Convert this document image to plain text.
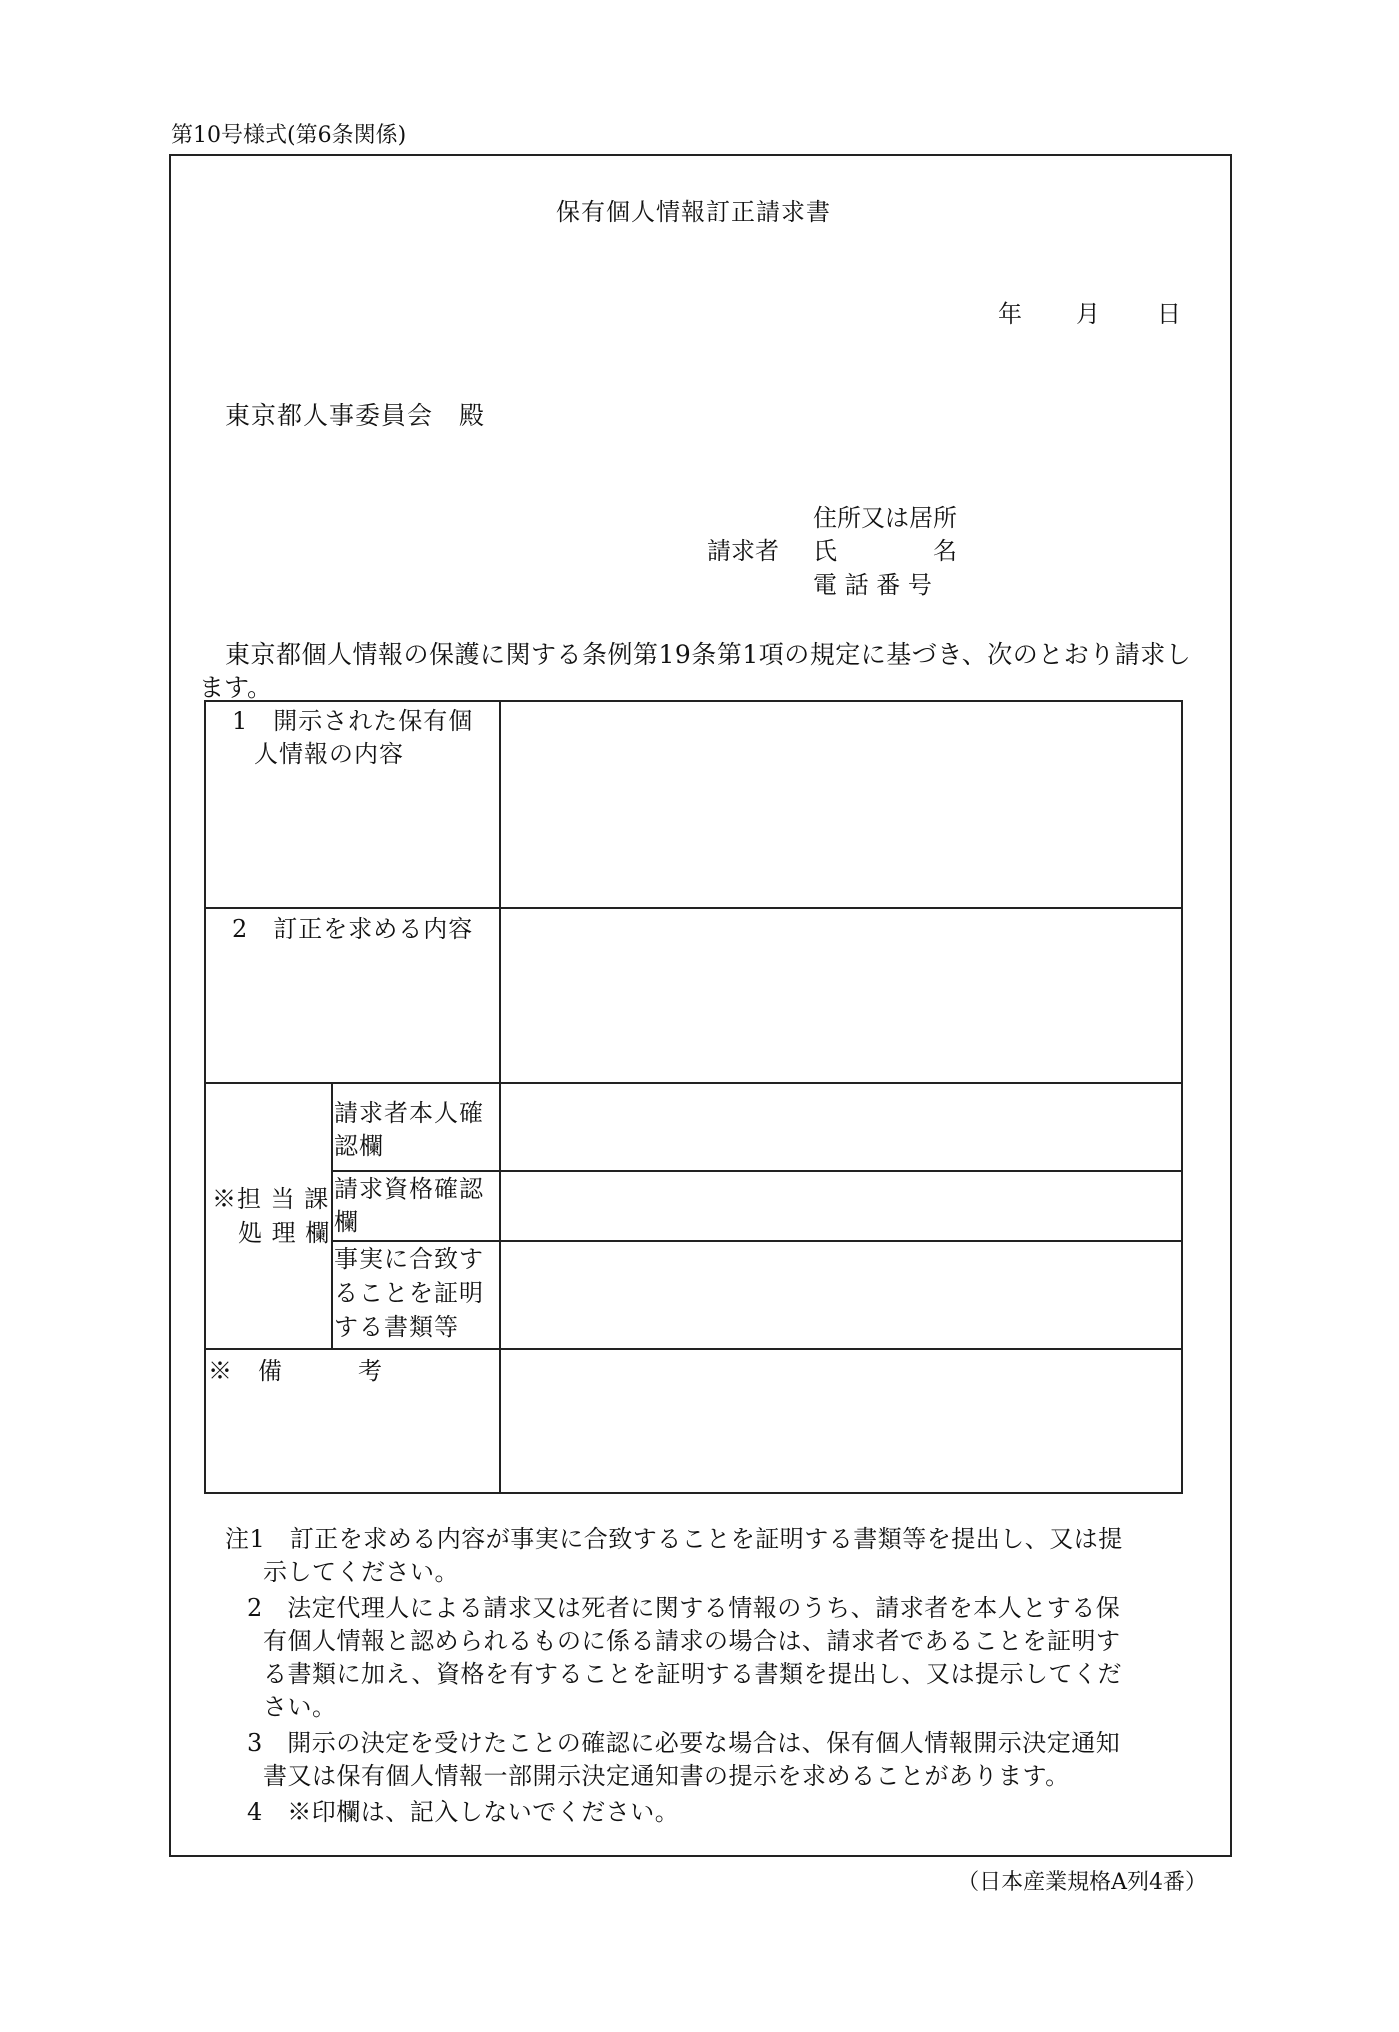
第10号様式(第6条関係)
保有個人情報訂正請求書
年 月 日
東京都人事委員会　殿
請求者
住所又は居所
氏　　　　名
電 話 番 号
東京都個人情報の保護に関する条例第19条第1項の規定に基づき、次のとおり請求し
ます。
1　開示された保有個
人情報の内容
2　訂正を求める内容
※担 当 課
処 理 欄
請求者本人確
認欄
請求資格確認
欄
事実に合致す
ることを証明
する書類等
※　備　　　考
注1　訂正を求める内容が事実に合致することを証明する書類等を提出し、又は提
示してください。
2　法定代理人による請求又は死者に関する情報のうち、請求者を本人とする保
有個人情報と認められるものに係る請求の場合は、請求者であることを証明す
る書類に加え、資格を有することを証明する書類を提出し、又は提示してくだ
さい。
3　開示の決定を受けたことの確認に必要な場合は、保有個人情報開示決定通知
書又は保有個人情報一部開示決定通知書の提示を求めることがあります。
4　※印欄は、記入しないでください。
（日本産業規格A列4番）
